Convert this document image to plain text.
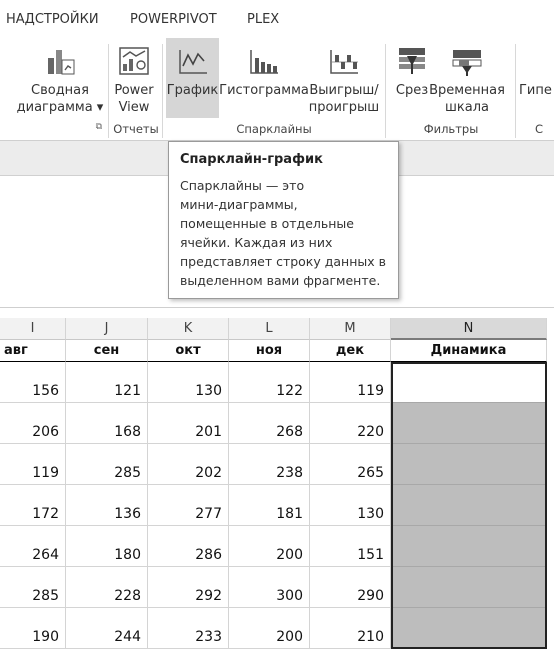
НАДСТРОЙКИ POWERPIVOT PLEX
Сводная
диаграмма ▾
Power
View
График Гистограмма Выигрыш/
проигрыш
Срез Временная
шкала
Гипе
⧉ Отчеты	Спарклайны	Фильтры	С
Спарклайн-график
Спарклайны — это
мини-диаграммы,
помещенные в отдельные
ячейки. Каждая из них
представляет строку данных в
выделенном вами фрагменте.
I	J	K	L	M	N
авг	сен	окт	ноя	дек	Динамика
156	121	130	122	119
206	168	201	268	220
119	285	202	238	265
172	136	277	181	130
264	180	286	200	151
285	228	292	300	290
190	244	233	200	210
